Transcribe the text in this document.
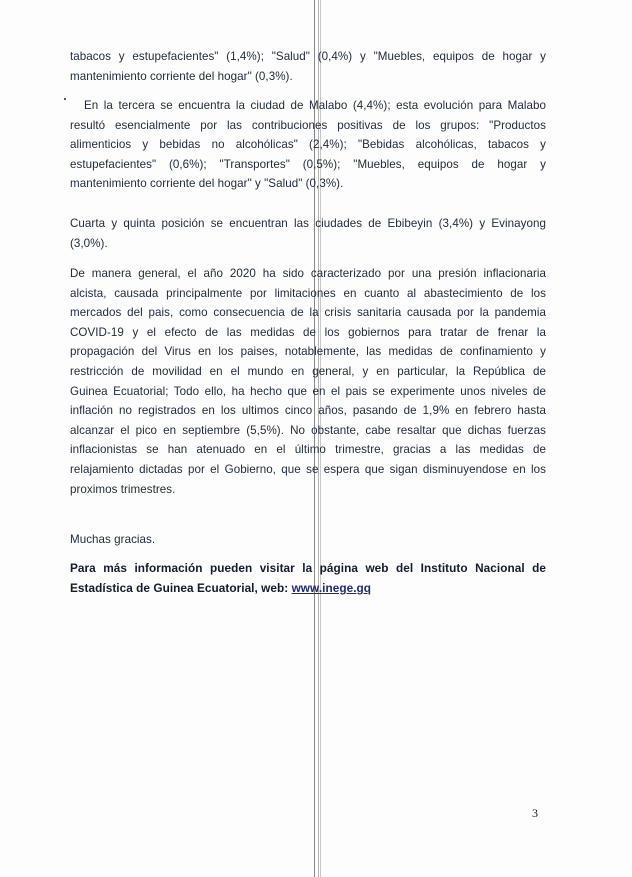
tabacos y estupefacientes" (1,4%); "Salud" (0,4%) y "Muebles, equipos de hogar y
mantenimiento corriente del hogar" (0,3%).

En la tercera se encuentra la ciudad de Malabo (4,4%); esta evolución para Malabo
resultó esencialmente por las contribuciones positivas de los grupos: "Productos
alimenticios y bebidas no alcohólicas" (2,4%); "Bebidas alcohólicas, tabacos y
estupefacientes" (0,6%); "Transportes" (0,5%); "Muebles, equipos de hogar y
mantenimiento corriente del hogar" y "Salud" (0,3%).

Cuarta y quinta posición se encuentran las ciudades de Ebibeyin (3,4%) y Evinayong
(3,0%).

De manera general, el año 2020 ha sido caracterizado por una presión inflacionaria
alcista, causada principalmente por limitaciones en cuanto al abastecimiento de los
mercados del pais, como consecuencia de la crisis sanitaria causada por la pandemia
COVID-19 y el efecto de las medidas de los gobiernos para tratar de frenar la
propagación del Virus en los paises, notablemente, las medidas de confinamiento y
restricción de movilidad en el mundo en general, y en particular, la República de
Guinea Ecuatorial; Todo ello, ha hecho que en el pais se experimente unos niveles de
inflación no registrados en los ultimos cinco años, pasando de 1,9% en febrero hasta
alcanzar el pico en septiembre (5,5%). No obstante, cabe resaltar que dichas fuerzas
inflacionistas se han atenuado en el último trimestre, gracias a las medidas de
relajamiento dictadas por el Gobierno, que se espera que sigan disminuyendose en los
proximos trimestres.

Muchas gracias.

Para más información pueden visitar la página web del Instituto Nacional de
Estadística de Guinea Ecuatorial, web: www.inege.gq

3
